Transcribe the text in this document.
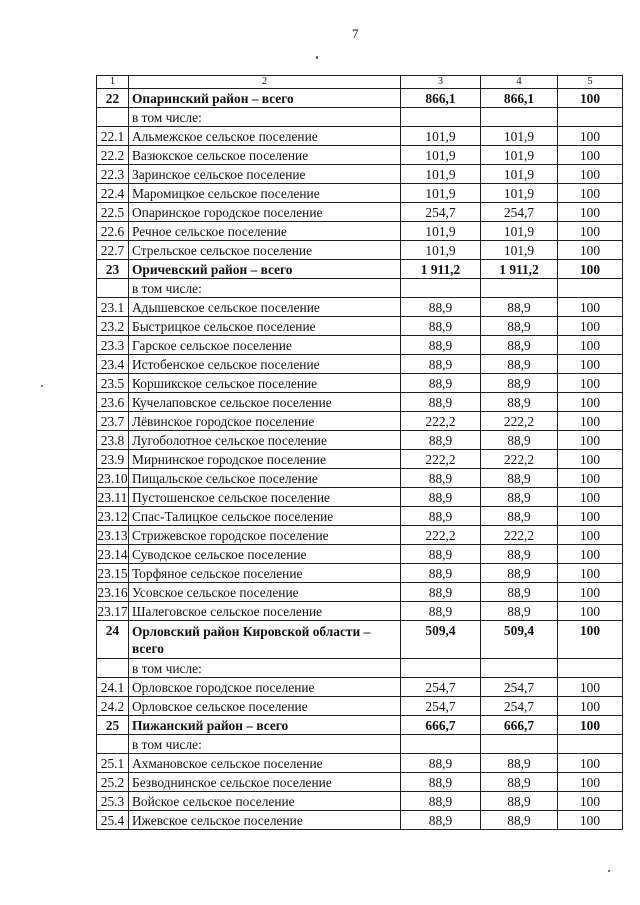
7
1	2	3	4	5
22	Опаринский район – всего	866,1	866,1	100
	в том числе:			
22.1	Альмежское сельское поселение	101,9	101,9	100
22.2	Вазюкское сельское поселение	101,9	101,9	100
22.3	Заринское сельское поселение	101,9	101,9	100
22.4	Маромицкое сельское поселение	101,9	101,9	100
22.5	Опаринское городское поселение	254,7	254,7	100
22.6	Речное сельское поселение	101,9	101,9	100
22.7	Стрельское сельское поселение	101,9	101,9	100
23	Оричевский район – всего	1 911,2	1 911,2	100
	в том числе:			
23.1	Адышевское сельское поселение	88,9	88,9	100
23.2	Быстрицкое сельское поселение	88,9	88,9	100
23.3	Гарское сельское поселение	88,9	88,9	100
23.4	Истобенское сельское поселение	88,9	88,9	100
23.5	Коршикское сельское поселение	88,9	88,9	100
23.6	Кучелаповское сельское поселение	88,9	88,9	100
23.7	Лёвинское городское поселение	222,2	222,2	100
23.8	Лугоболотное сельское поселение	88,9	88,9	100
23.9	Мирнинское городское поселение	222,2	222,2	100
23.10	Пищальское сельское поселение	88,9	88,9	100
23.11	Пустошенское сельское поселение	88,9	88,9	100
23.12	Спас-Талицкое сельское поселение	88,9	88,9	100
23.13	Стрижевское городское поселение	222,2	222,2	100
23.14	Суводское сельское поселение	88,9	88,9	100
23.15	Торфяное сельское поселение	88,9	88,9	100
23.16	Усовское сельское поселение	88,9	88,9	100
23.17	Шалеговское сельское поселение	88,9	88,9	100
24	Орловский район Кировской области – всего	509,4	509,4	100
	в том числе:			
24.1	Орловское городское поселение	254,7	254,7	100
24.2	Орловское сельское поселение	254,7	254,7	100
25	Пижанский район – всего	666,7	666,7	100
	в том числе:			
25.1	Ахмановское сельское поселение	88,9	88,9	100
25.2	Безводнинское сельское поселение	88,9	88,9	100
25.3	Войское сельское поселение	88,9	88,9	100
25.4	Ижевское сельское поселение	88,9	88,9	100
